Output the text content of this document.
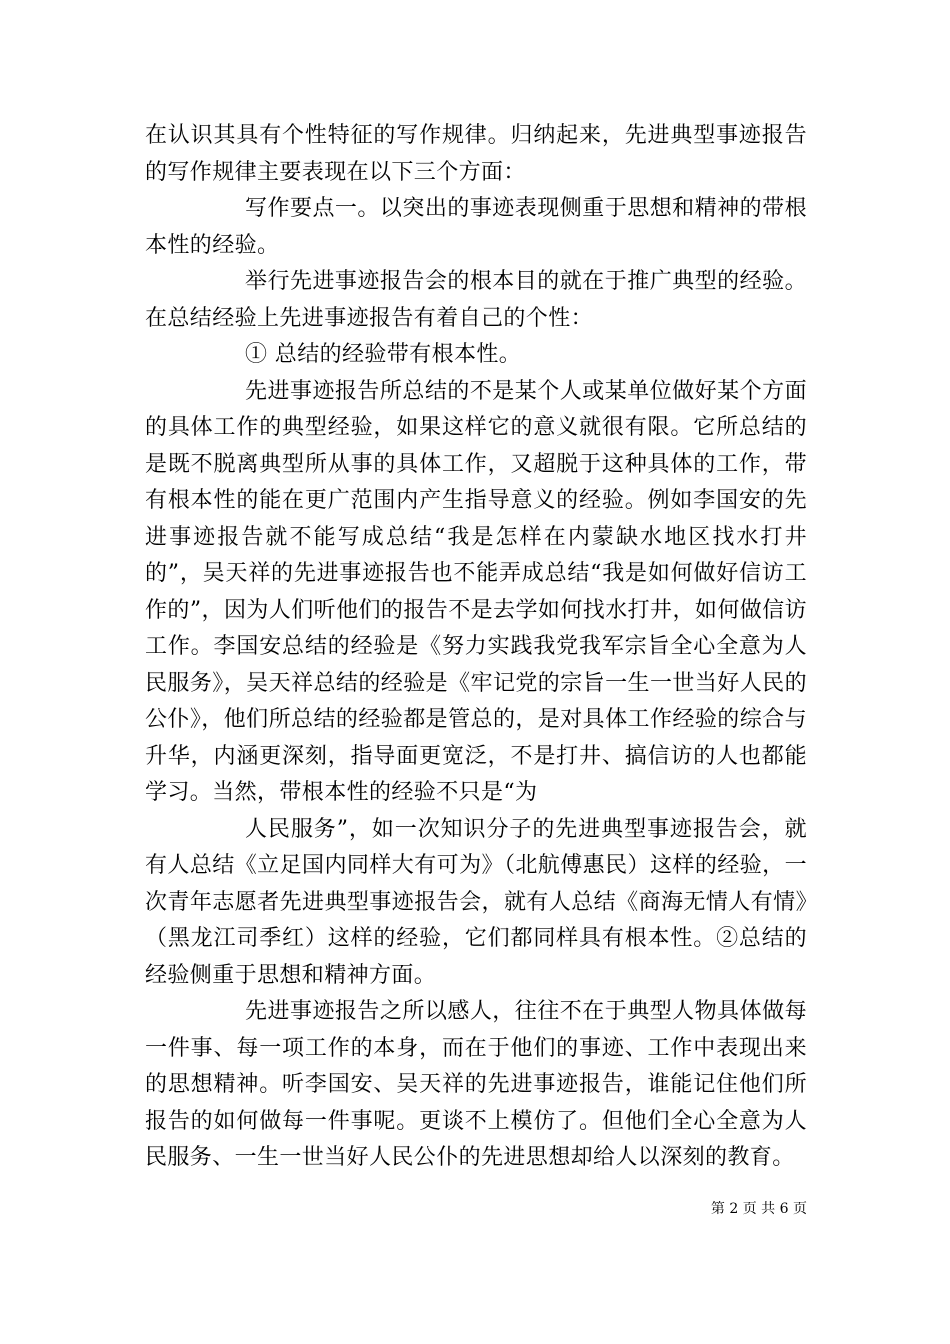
在认识其具有个性特征的写作规律。归纳起来，先进典型事迹报告的写作规律主要表现在以下三个方面：

写作要点一。以突出的事迹表现侧重于思想和精神的带根本性的经验。

举行先进事迹报告会的根本目的就在于推广典型的经验。在总结经验上先进事迹报告有着自己的个性：

① 总结的经验带有根本性。

先进事迹报告所总结的不是某个人或某单位做好某个方面的具体工作的典型经验，如果这样它的意义就很有限。它所总结的是既不脱离典型所从事的具体工作，又超脱于这种具体的工作，带有根本性的能在更广范围内产生指导意义的经验。例如李国安的先进事迹报告就不能写成总结“我是怎样在内蒙缺水地区找水打井的”，吴天祥的先进事迹报告也不能弄成总结“我是如何做好信访工作的”，因为人们听他们的报告不是去学如何找水打井，如何做信访工作。李国安总结的经验是《努力实践我党我军宗旨全心全意为人民服务》，吴天祥总结的经验是《牢记党的宗旨一生一世当好人民的公仆》，他们所总结的经验都是管总的，是对具体工作经验的综合与升华，内涵更深刻，指导面更宽泛，不是打井、搞信访的人也都能学习。当然，带根本性的经验不只是“为

人民服务”，如一次知识分子的先进典型事迹报告会，就有人总结《立足国内同样大有可为》（北航傅惠民）这样的经验，一次青年志愿者先进典型事迹报告会，就有人总结《商海无情人有情》（黑龙江司季红）这样的经验，它们都同样具有根本性。②总结的经验侧重于思想和精神方面。

先进事迹报告之所以感人，往往不在于典型人物具体做每一件事、每一项工作的本身，而在于他们的事迹、工作中表现出来的思想精神。听李国安、吴天祥的先进事迹报告，谁能记住他们所报告的如何做每一件事呢。更谈不上模仿了。但他们全心全意为人民服务、一生一世当好人民公仆的先进思想却给人以深刻的教育。

第 2 页 共 6 页
